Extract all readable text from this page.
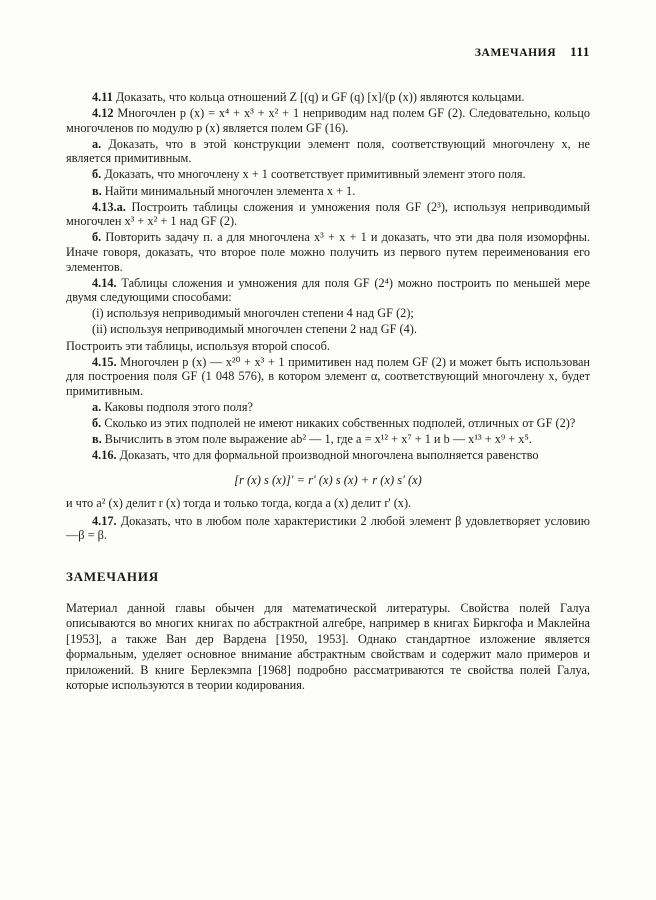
ЗАМЕЧАНИЯ 111

4.11 Доказать, что кольца отношений Z [(q) и GF (q) [x]/(p (x)) являются кольцами.

4.12 Многочлен p (x) = x⁴ + x³ + x² + 1 неприводим над полем GF (2). Следовательно, кольцо многочленов по модулю p (x) является полем GF (16).

а. Доказать, что в этой конструкции элемент поля, соответствующий многочлену x, не является примитивным.

б. Доказать, что многочлену x + 1 соответствует примитивный элемент этого поля.

в. Найти минимальный многочлен элемента x + 1.

4.13.а. Построить таблицы сложения и умножения поля GF (2³), используя неприводимый многочлен x³ + x² + 1 над GF (2).

б. Повторить задачу п. а для многочлена x³ + x + 1 и доказать, что эти два поля изоморфны. Иначе говоря, доказать, что второе поле можно получить из первого путем переименования его элементов.

4.14. Таблицы сложения и умножения для поля GF (2⁴) можно построить по меньшей мере двумя следующими способами:

(i) используя неприводимый многочлен степени 4 над GF (2);

(ii) используя неприводимый многочлен степени 2 над GF (4).

Построить эти таблицы, используя второй способ.

4.15. Многочлен p (x) — x²⁰ + x³ + 1 примитивен над полем GF (2) и может быть использован для построения поля GF (1 048 576), в котором элемент α, соответствующий многочлену x, будет примитивным.

а. Каковы подполя этого поля?

б. Сколько из этих подполей не имеют никаких собственных подполей, отличных от GF (2)?

в. Вычислить в этом поле выражение ab² — 1, где a = x¹² + x⁷ + 1 и b — x¹³ + x⁹ + x⁵.

4.16. Доказать, что для формальной производной многочлена выполняется равенство

[r (x) s (x)]' = r' (x) s (x) + r (x) s' (x)

и что a² (x) делит r (x) тогда и только тогда, когда a (x) делит r' (x).

4.17. Доказать, что в любом поле характеристики 2 любой элемент β удовлетворяет условию —β = β.

ЗАМЕЧАНИЯ

Материал данной главы обычен для математической литературы. Свойства полей Галуа описываются во многих книгах по абстрактной алгебре, например в книгах Биркгофа и Маклейна [1953], а также Ван дер Вардена [1950, 1953]. Однако стандартное изложение является формальным, уделяет основное внимание абстрактным свойствам и содержит мало примеров и приложений. В книге Берлекэмпа [1968] подробно рассматриваются те свойства полей Галуа, которые используются в теории кодирования.
